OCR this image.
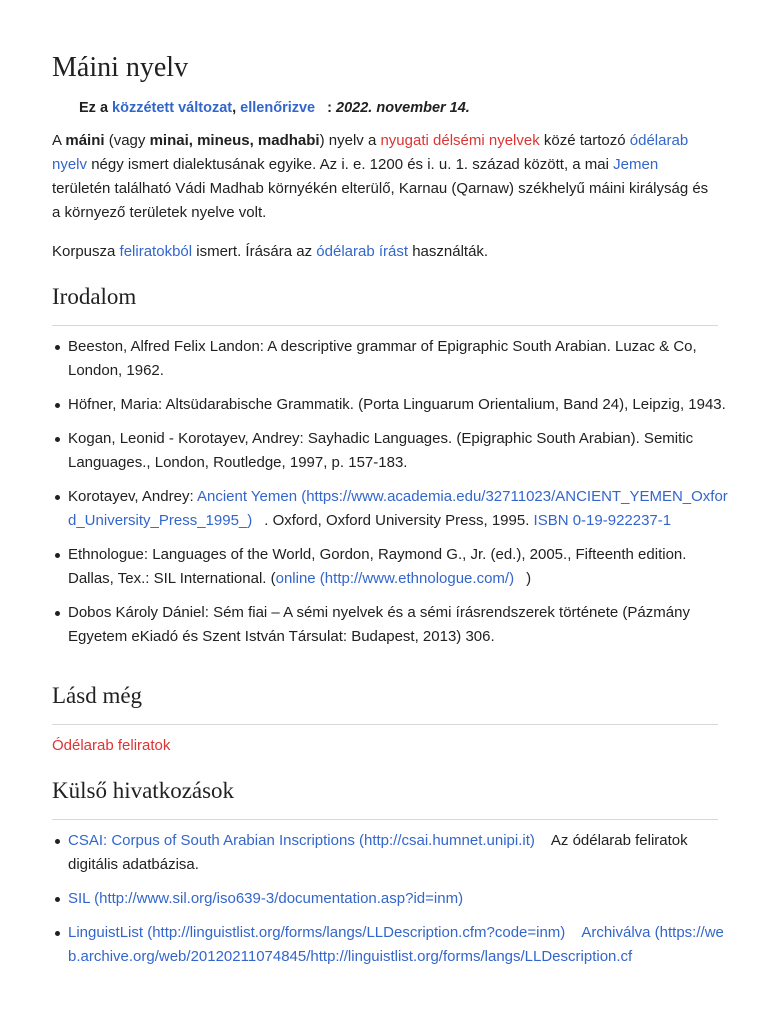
Máini nyelv
Ez a közzétett változat, ellenőrizve : 2022. november 14.

A máini (vagy minai, mineus, madhabi) nyelv a nyugati délsémi nyelvek közé tartozó ódélarab nyelv négy ismert dialektusának egyike. Az i. e. 1200 és i. u. 1. század között, a mai Jemen területén található Vádi Madhab környékén elterülő, Karnau (Qarnaw) székhelyű máini királyság és a környező területek nyelve volt.

Korpusza feliratokból ismert. Írására az ódélarab írást használták.

Irodalom
Beeston, Alfred Felix Landon: A descriptive grammar of Epigraphic South Arabian. Luzac & Co, London, 1962.
Höfner, Maria: Altsüdarabische Grammatik. (Porta Linguarum Orientalium, Band 24), Leipzig, 1943.
Kogan, Leonid - Korotayev, Andrey: Sayhadic Languages. (Epigraphic South Arabian). Semitic Languages., London, Routledge, 1997, p. 157-183.
Korotayev, Andrey: Ancient Yemen (https://www.academia.edu/32711023/ANCIENT_YEMEN_Oxford_University_Press_1995_) . Oxford, Oxford University Press, 1995. ISBN 0-19-922237-1
Ethnologue: Languages of the World, Gordon, Raymond G., Jr. (ed.), 2005., Fifteenth edition. Dallas, Tex.: SIL International. (online (http://www.ethnologue.com/) )
Dobos Károly Dániel: Sém fiai – A sémi nyelvek és a sémi írásrendszerek története (Pázmány Egyetem eKiadó és Szent István Társulat: Budapest, 2013) 306.
Lásd még

Ódélarab feliratok

Külső hivatkozások
CSAI: Corpus of South Arabian Inscriptions (http://csai.humnet.unipi.it) Az ódélarab feliratok digitális adatbázisa.
SIL (http://www.sil.org/iso639-3/documentation.asp?id=inm)
LinguistList (http://linguistlist.org/forms/langs/LLDescription.cfm?code=inm) Archiválva (https://web.archive.org/web/20120211074845/http://linguistlist.org/forms/langs/LLDescription.cf
